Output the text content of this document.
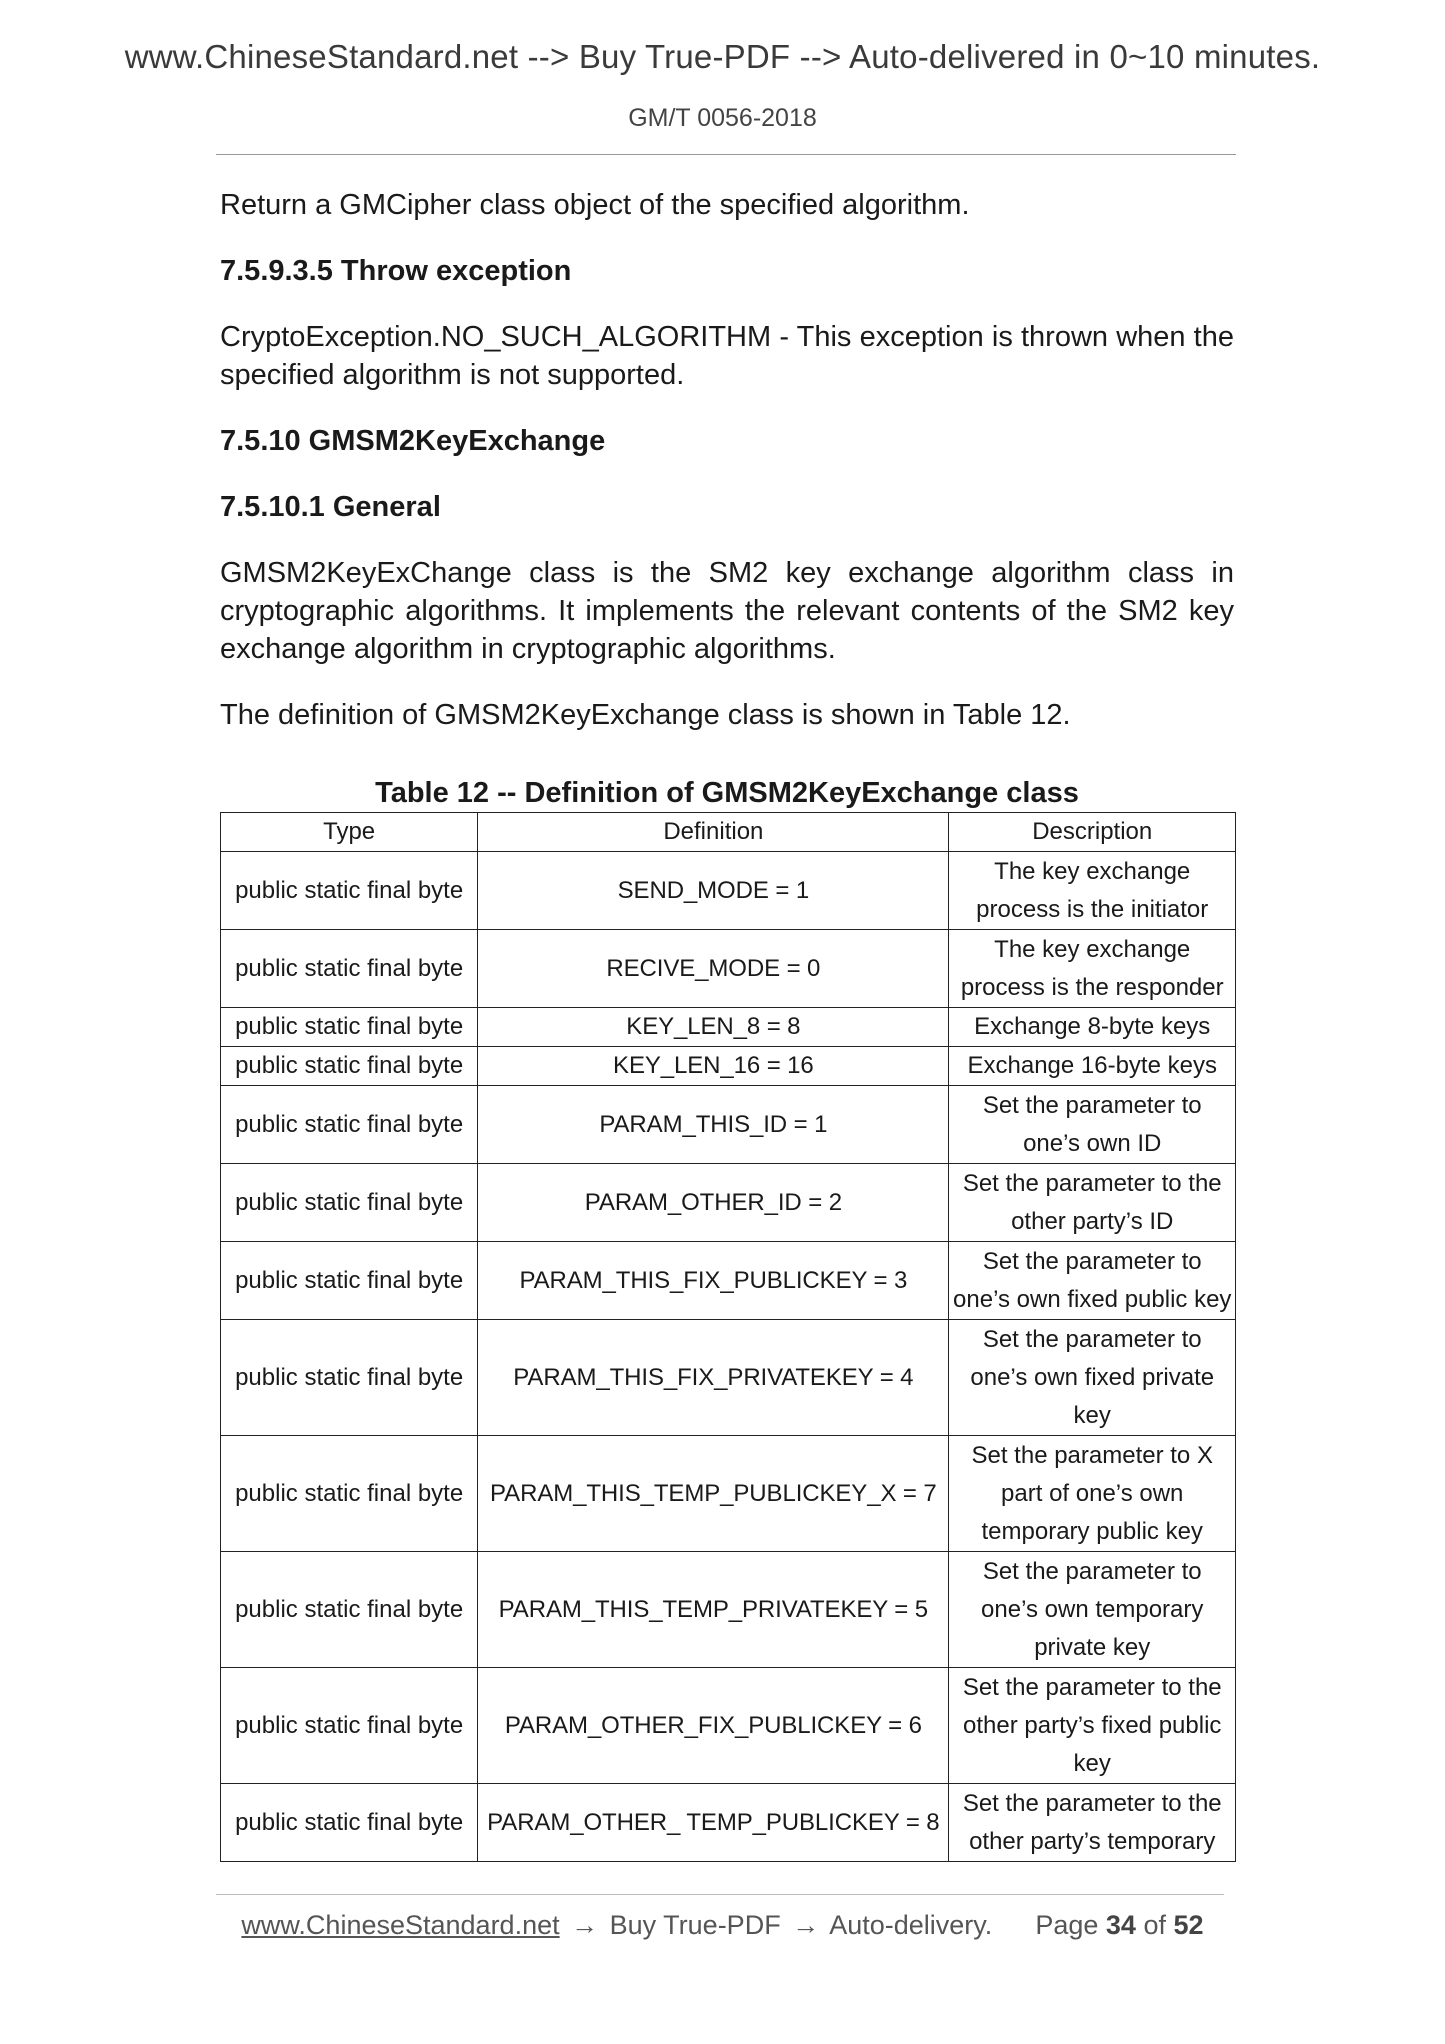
www.ChineseStandard.net --> Buy True-PDF --> Auto-delivered in 0~10 minutes.
GM/T 0056-2018

Return a GMCipher class object of the specified algorithm.

7.5.9.3.5 Throw exception

CryptoException.NO_SUCH_ALGORITHM - This exception is thrown when the specified algorithm is not supported.

7.5.10 GMSM2KeyExchange
7.5.10.1 General

GMSM2KeyExChange class is the SM2 key exchange algorithm class in cryptographic algorithms. It implements the relevant contents of the SM2 key exchange algorithm in cryptographic algorithms.

The definition of GMSM2KeyExchange class is shown in Table 12.

Table 12 -- Definition of GMSM2KeyExchange class
Type	Definition	Description
public static final byte	SEND_MODE = 1	The key exchange process is the initiator
public static final byte	RECIVE_MODE = 0	The key exchange process is the responder
public static final byte	KEY_LEN_8 = 8	Exchange 8-byte keys
public static final byte	KEY_LEN_16 = 16	Exchange 16-byte keys
public static final byte	PARAM_THIS_ID = 1	Set the parameter to one’s own ID
public static final byte	PARAM_OTHER_ID = 2	Set the parameter to the other party’s ID
public static final byte	PARAM_THIS_FIX_PUBLICKEY = 3	Set the parameter to one’s own fixed public key
public static final byte	PARAM_THIS_FIX_PRIVATEKEY = 4	Set the parameter to one’s own fixed private key
public static final byte	PARAM_THIS_TEMP_PUBLICKEY_X = 7	Set the parameter to X part of one’s own temporary public key
public static final byte	PARAM_THIS_TEMP_PRIVATEKEY = 5	Set the parameter to one’s own temporary private key
public static final byte	PARAM_OTHER_FIX_PUBLICKEY = 6	Set the parameter to the other party’s fixed public key
public static final byte	PARAM_OTHER_ TEMP_PUBLICKEY = 8	Set the parameter to the other party’s temporary
www.ChineseStandard.net → Buy True-PDF → Auto-delivery. Page 34 of 52
